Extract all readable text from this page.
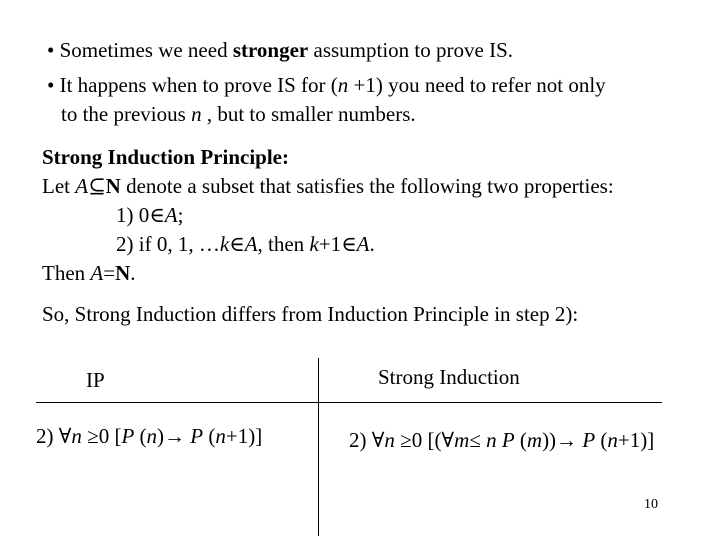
• Sometimes we need stronger assumption to prove IS.
• It happens when to prove IS for (n +1) you need to refer not only
to the previous n , but to smaller numbers.
Strong Induction Principle:
Let A⊆N denote a subset that satisfies the following two properties:
1) 0∈A;
2) if 0, 1, …k∈A, then k+1∈A.
Then A=N.
So, Strong Induction differs from Induction Principle in step 2):
IP	Strong Induction
2) ∀n ≥0 [P (n)→ P (n+1)]	2) ∀n ≥0 [(∀m≤ n P (m))→ P (n+1)]
10
